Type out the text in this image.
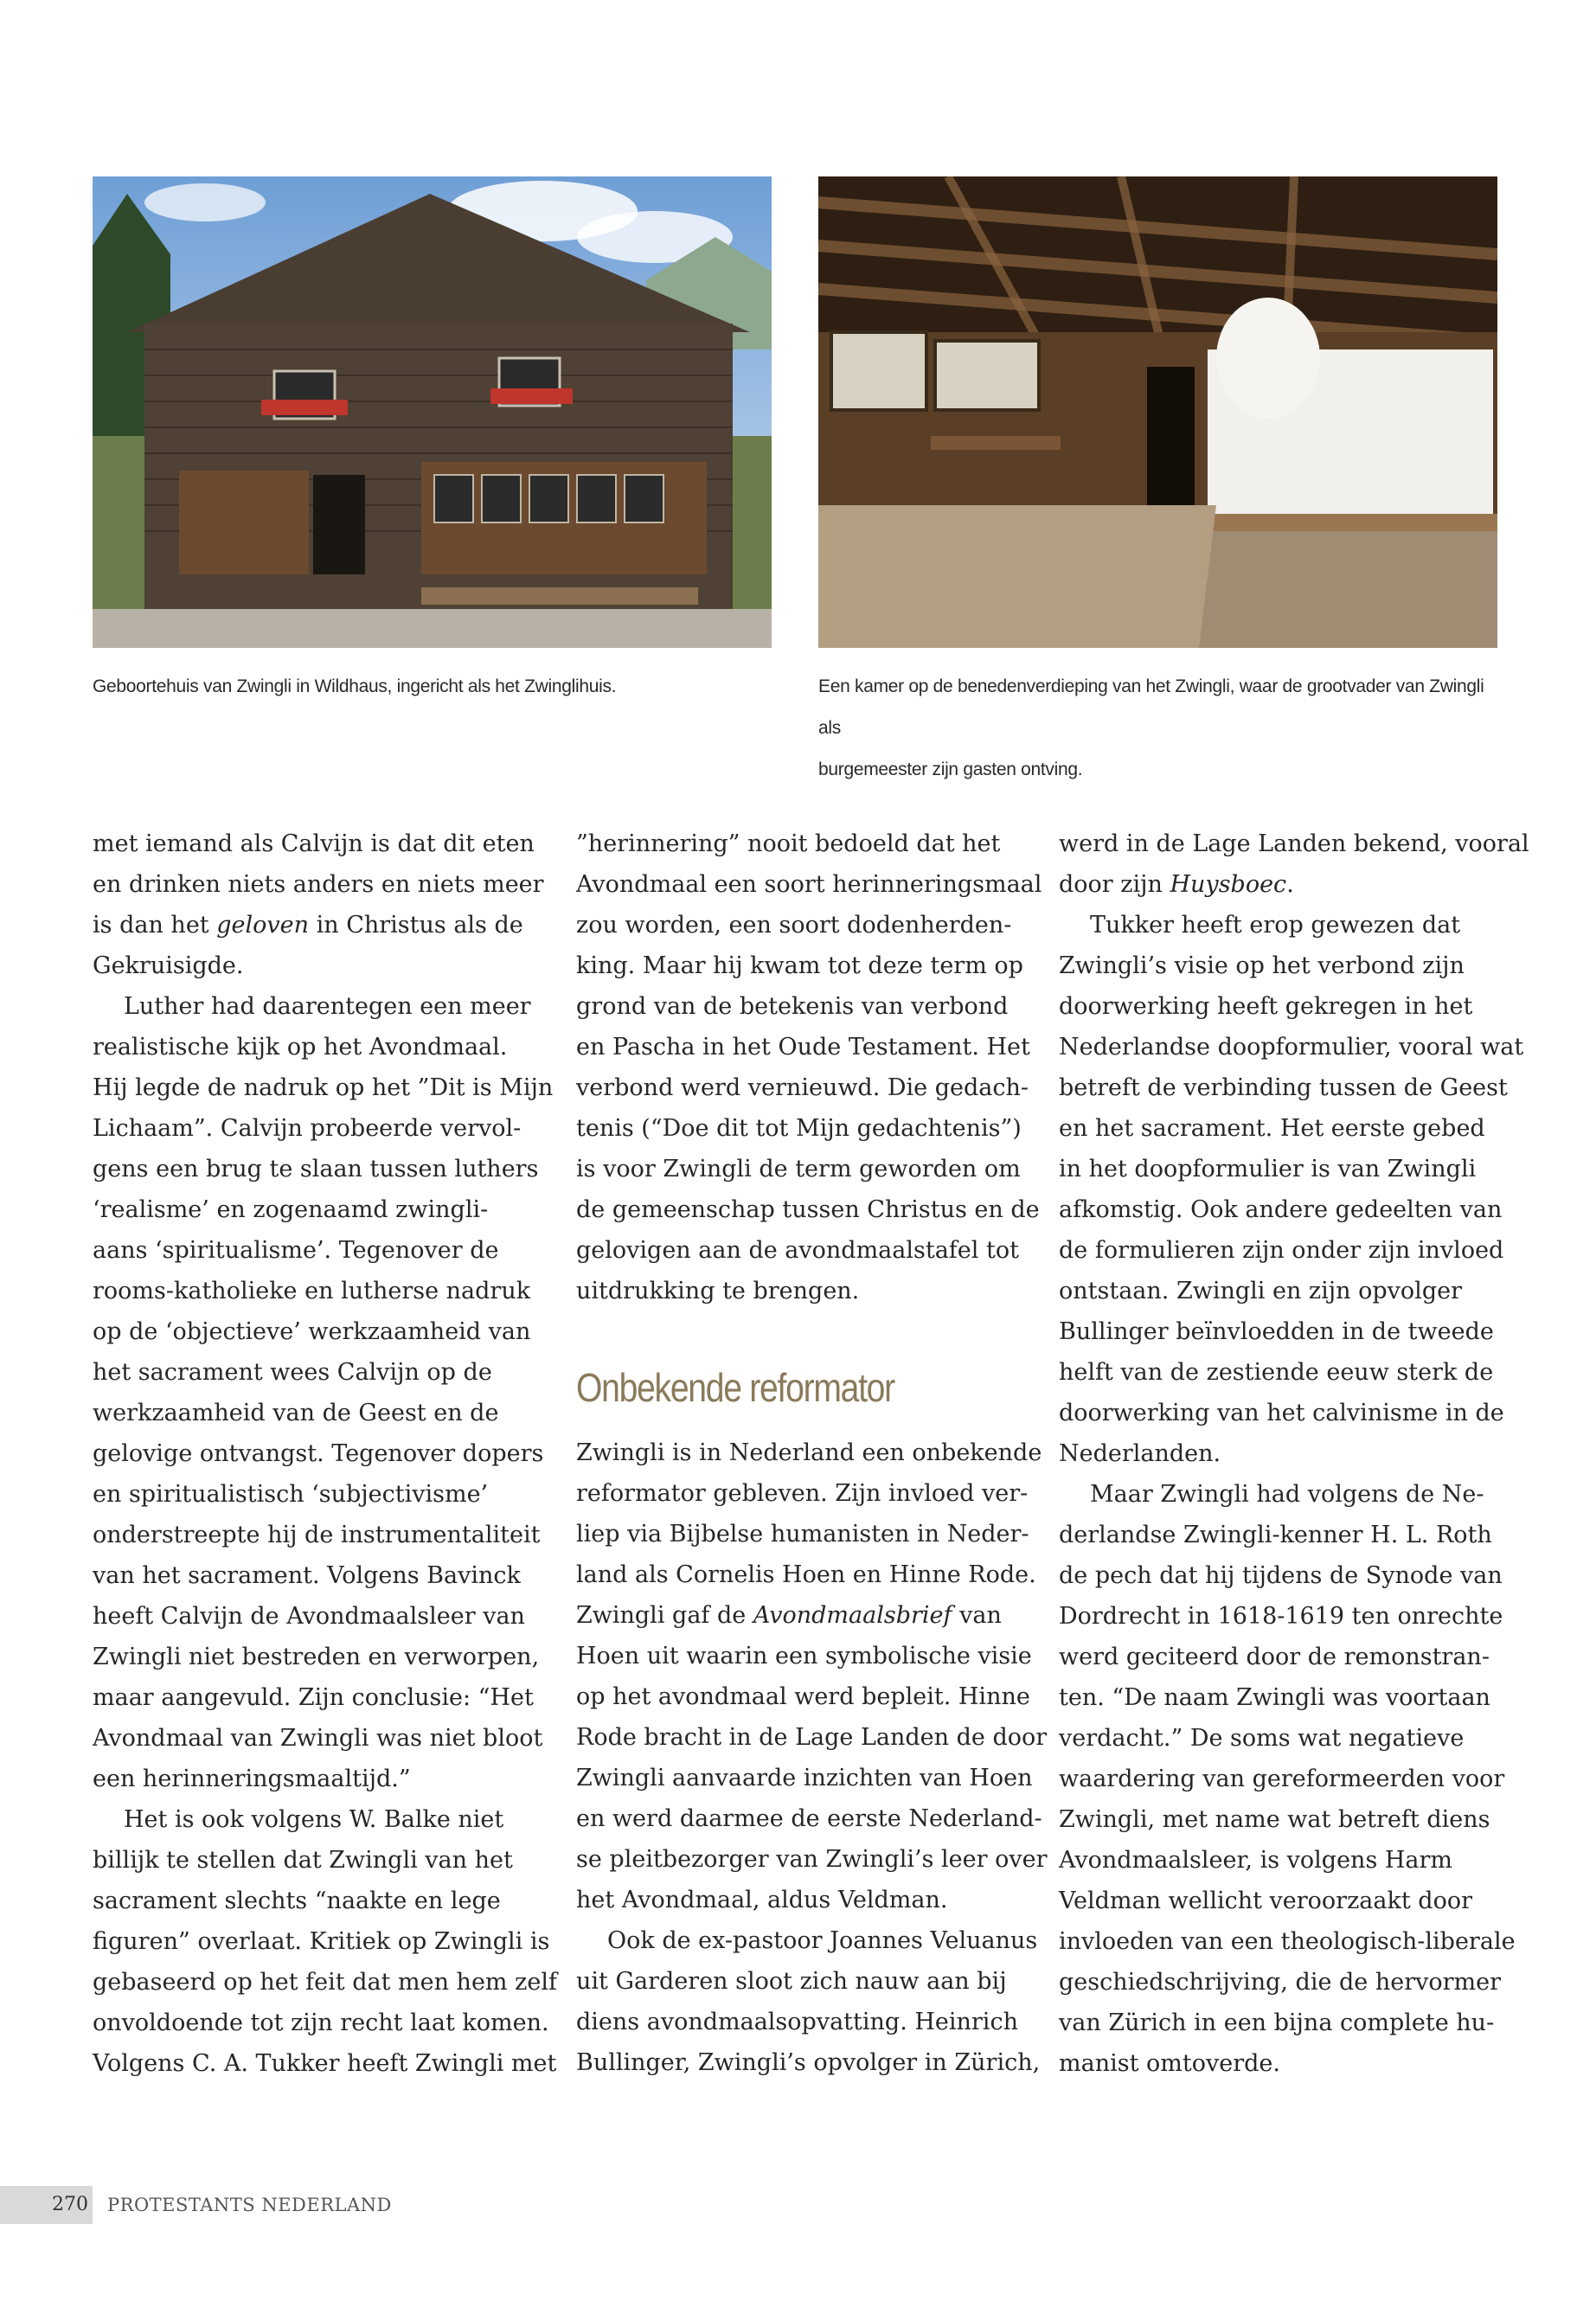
Geboortehuis van Zwingli in Wildhaus, ingericht als het Zwinglihuis.	Een kamer op de benedenverdieping van het Zwingli, waar de grootvader van Zwingli als
burgemeester zijn gasten ontving.

met iemand als Calvijn is dat dit eten
en drinken niets anders en niets meer
is dan het geloven in Christus als de
Gekruisigde.

Luther had daarentegen een meer
realistische kijk op het Avondmaal.
Hij legde de nadruk op het ”Dit is Mijn
Lichaam”. Calvijn probeerde vervol-
gens een brug te slaan tussen luthers
‘realisme’ en zogenaamd zwingli-
aans ‘spiritualisme’. Tegenover de
rooms-katholieke en lutherse nadruk
op de ‘objectieve’ werkzaamheid van
het sacrament wees Calvijn op de
werkzaamheid van de Geest en de
gelovige ontvangst. Tegenover dopers
en spiritualistisch ‘subjectivisme’
onderstreepte hij de instrumentaliteit
van het sacrament. Volgens Bavinck
heeft Calvijn de Avondmaalsleer van
Zwingli niet bestreden en verworpen,
maar aangevuld. Zijn conclusie: “Het
Avondmaal van Zwingli was niet bloot
een herinneringsmaaltijd.”

Het is ook volgens W. Balke niet
billijk te stellen dat Zwingli van het
sacrament slechts “naakte en lege
figuren” overlaat. Kritiek op Zwingli is
gebaseerd op het feit dat men hem zelf
onvoldoende tot zijn recht laat komen.
Volgens C. A. Tukker heeft Zwingli met

”herinnering” nooit bedoeld dat het
Avondmaal een soort herinneringsmaal
zou worden, een soort dodenherden-
king. Maar hij kwam tot deze term op
grond van de betekenis van verbond
en Pascha in het Oude Testament. Het
verbond werd vernieuwd. Die gedach-
tenis (“Doe dit tot Mijn gedachtenis”)
is voor Zwingli de term geworden om
de gemeenschap tussen Christus en de
gelovigen aan de avondmaalstafel tot
uitdrukking te brengen.

Onbekende reformator

Zwingli is in Nederland een onbekende
reformator gebleven. Zijn invloed ver-
liep via Bijbelse humanisten in Neder-
land als Cornelis Hoen en Hinne Rode.
Zwingli gaf de Avondmaalsbrief van
Hoen uit waarin een symbolische visie
op het avondmaal werd bepleit. Hinne
Rode bracht in de Lage Landen de door
Zwingli aanvaarde inzichten van Hoen
en werd daarmee de eerste Nederland-
se pleitbezorger van Zwingli’s leer over
het Avondmaal, aldus Veldman.

Ook de ex-pastoor Joannes Veluanus
uit Garderen sloot zich nauw aan bij
diens avondmaalsopvatting. Heinrich
Bullinger, Zwingli’s opvolger in Zürich,

werd in de Lage Landen bekend, vooral
door zijn Huysboec.

Tukker heeft erop gewezen dat
Zwingli’s visie op het verbond zijn
doorwerking heeft gekregen in het
Nederlandse doopformulier, vooral wat
betreft de verbinding tussen de Geest
en het sacrament. Het eerste gebed
in het doopformulier is van Zwingli
afkomstig. Ook andere gedeelten van
de formulieren zijn onder zijn invloed
ontstaan. Zwingli en zijn opvolger
Bullinger beïnvloedden in de tweede
helft van de zestiende eeuw sterk de
doorwerking van het calvinisme in de
Nederlanden.

Maar Zwingli had volgens de Ne-
derlandse Zwingli-kenner H. L. Roth
de pech dat hij tijdens de Synode van
Dordrecht in 1618-1619 ten onrechte
werd geciteerd door de remonstran-
ten. “De naam Zwingli was voortaan
verdacht.” De soms wat negatieve
waardering van gereformeerden voor
Zwingli, met name wat betreft diens
Avondmaalsleer, is volgens Harm
Veldman wellicht veroorzaakt door
invloeden van een theologisch-liberale
geschiedschrijving, die de hervormer
van Zürich in een bijna complete hu-
manist omtoverde.

270 PROTESTANTS NEDERLAND
